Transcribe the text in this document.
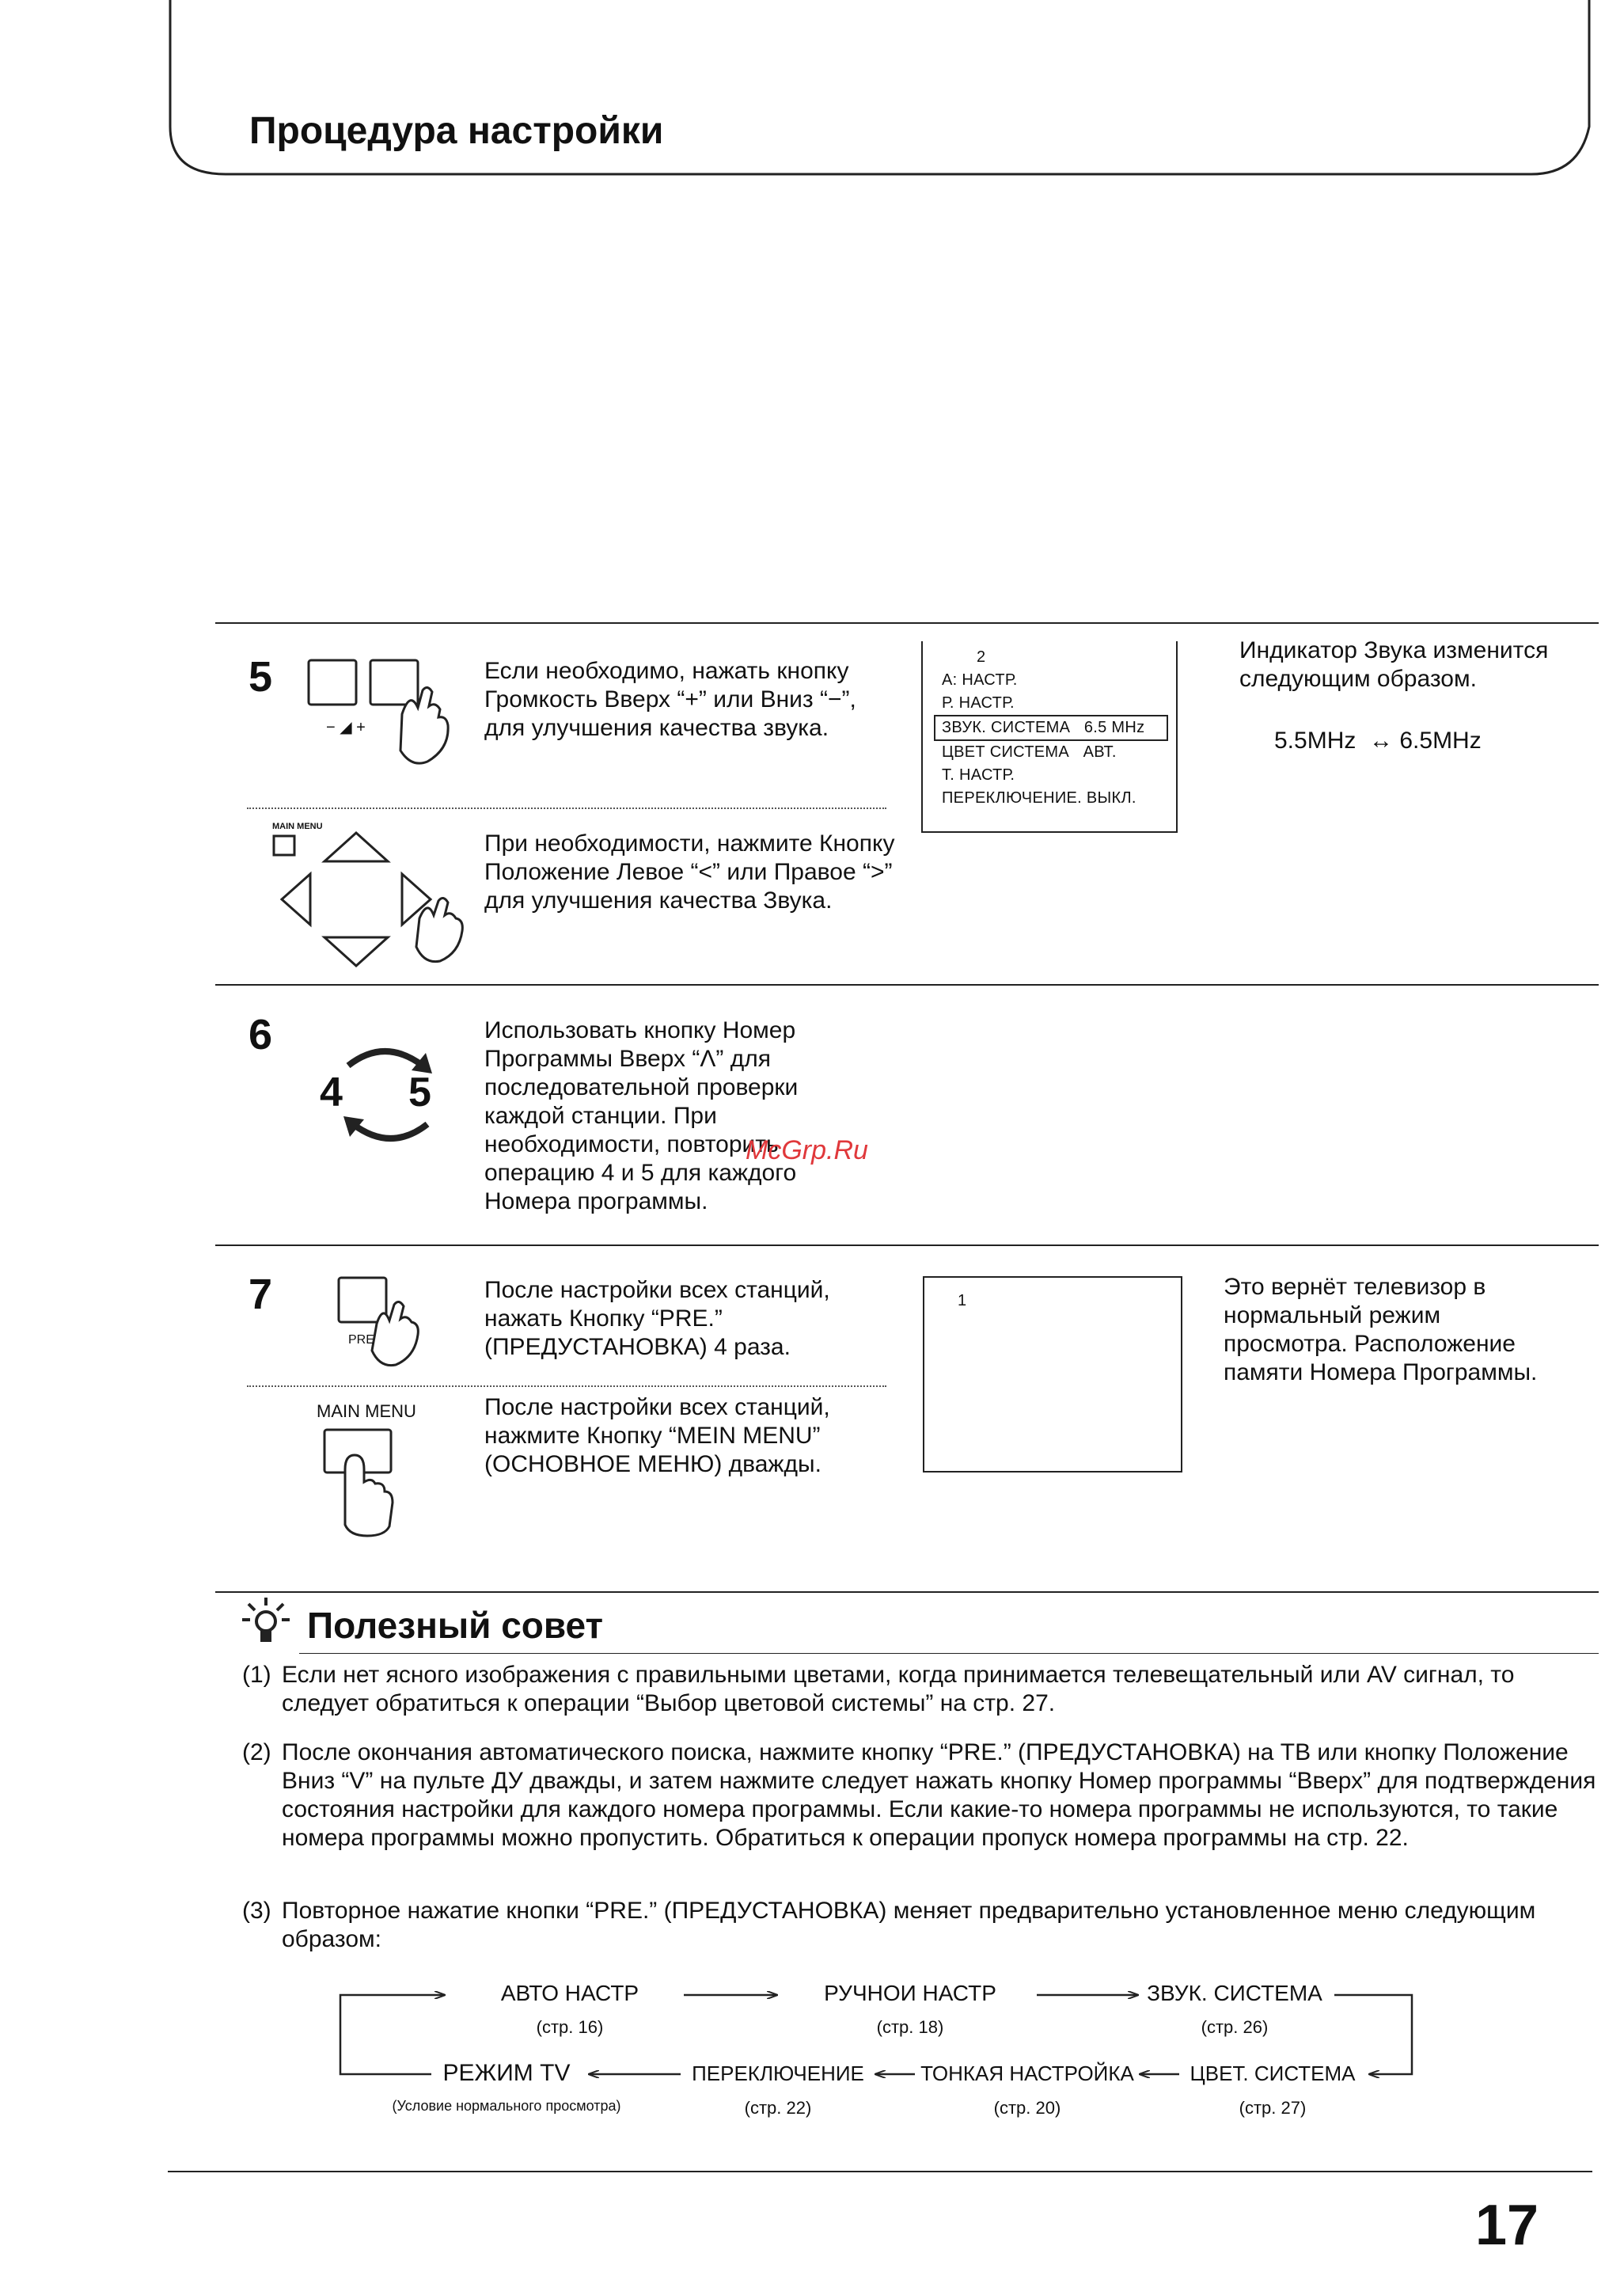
Процедура настройки
5
− ◢ +
Если необходимо, нажать кнопку Громкость Вверх “+” или Вниз “−”, для улучшения качества звука.
MAIN MENU
При необходимости, нажмите Кнопку Положение Левое “<” или Правое “>” для улучшения качества Звука.
2
А: НАСТР.
Р. НАСТР.
ЗВУК. СИСТЕМА   6.5 MHz
ЦВЕТ СИСТЕМА   АВТ.
Т. НАСТР.
ПЕРЕКЛЮЧЕНИЕ. ВЫКЛ.
Индикатор Звука изменится следующим образом.
5.5MHz  ↔ 6.5MHz
6
4 5
Использовать кнопку Номер Программы Вверх “Λ” для последовательной проверки каждой станции. При необходимости, повторить операцию 4 и 5 для каждого Номера программы.
McGrp.Ru
7
PRE
После настройки всех станций, нажать Кнопку “PRE.” (ПРЕДУСТАНОВКА) 4 раза.
MAIN MENU	После настройки всех станций, нажмите Кнопку “MEIN MENU” (ОСНОВНОЕ МЕНЮ) дважды.
1
Это вернёт телевизор в нормальный режим просмотра. Расположение памяти Номера Программы.
Полезный совет
(1) Если нет ясного изображения с правильными цветами, когда принимается телевещательный или AV сигнал, то следует обратиться к операции “Выбор цветовой системы” на стр. 27.
(2) После окончания автоматического поиска, нажмите кнопку “PRE.” (ПРЕДУСТАНОВКА) на ТВ или кнопку Положение Вниз “V” на пульте ДУ дважды, и затем нажмите следует нажать кнопку Номер программы “Вверх” для подтверждения состояния настройки для каждого номера программы. Если какие-то номера программы не используются, то такие номера программы можно пропустить. Обратиться к операции пропуск номера программы на стр. 22.
(3) Повторное нажатие кнопки “PRE.” (ПРЕДУСТАНОВКА) меняет предварительно установленное меню следующим образом:
АВТО НАСТР
(стр. 16)
РУЧНОИ НАСТР
(стр. 18)
ЗВУК. СИСТЕМА
(стр. 26)
РЕЖИМ TV
(Условие нормального просмотра)
ПЕРЕКЛЮЧЕНИЕ
(стр. 22)
ТОНКАЯ НАСТРОЙКА
(стр. 20)
ЦВЕТ. СИСТЕМА
(стр. 27)
17
